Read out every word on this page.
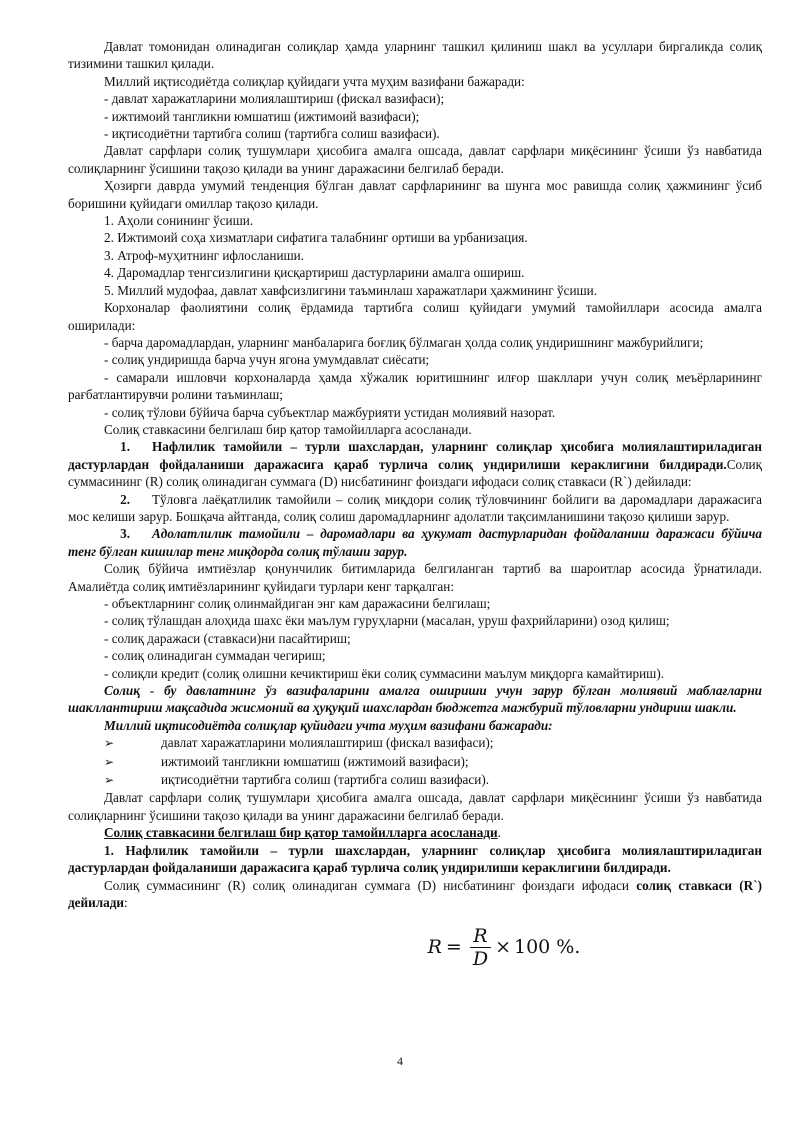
Давлат томонидан олинадиган солиқлар ҳамда уларнинг ташкил қилиниш шакл ва усуллари биргаликда солиқ тизимини ташкил қилади.

Миллий иқтисодиётда солиқлар қуйидаги учта муҳим вазифани бажаради:

- давлат харажатларини молиялаштириш (фискал вазифаси);

- ижтимоий тангликни юмшатиш (ижтимоий вазифаси);

- иқтисодиётни тартибга солиш (тартибга солиш вазифаси).

Давлат сарфлари солиқ тушумлари ҳисобига амалга ошсада, давлат сарфлари миқёсининг ўсиши ўз навбатида солиқларнинг ўсишини тақозо қилади ва унинг даражасини белгилаб беради.

Ҳозирги даврда умумий тенденция бўлган давлат сарфларининг ва шунга мос равишда солиқ ҳажмининг ўсиб боришини қуйидаги омиллар тақозо қилади.

1. Аҳоли сонининг ўсиши.

2. Ижтимоий соҳа хизматлари сифатига талабнинг ортиши ва урбанизация.

3. Атроф-муҳитнинг ифлосланиши.

4. Даромадлар тенгсизлигини қисқартириш дастурларини амалга ошириш.

5. Миллий мудофаа, давлат хавфсизлигини таъминлаш харажатлари ҳажмининг ўсиши.

Корхоналар фаолиятини солиқ ёрдамида тартибга солиш қуйидаги умумий тамойиллари асосида амалга оширилади:

- барча даромадлардан, уларнинг манбаларига боғлиқ бўлмаган ҳолда солиқ ундиришнинг мажбурийлиги;

- солиқ ундиришда барча учун ягона умумдавлат сиёсати;

- самарали ишловчи корхоналарда ҳамда хўжалик юритишнинг илғор шакллари учун солиқ меъёрларининг рағбатлантирувчи ролини таъминлаш;

- солиқ тўлови бўйича барча субъектлар мажбурияти устидан молиявий назорат.

Солиқ ставкасини белгилаш бир қатор тамойилларга асосланади.

1. Нафлилик тамойили – турли шахслардан, уларнинг солиқлар ҳисобига молиялаштириладиган дастурлардан фойдаланиши даражасига қараб турлича солиқ ундирилиши кераклигини билдиради.Солиқ суммасининг (R) солиқ олинадиган суммага (D) нисбатининг фоиздаги ифодаси солиқ ставкаси (R`) дейилади:

2. Тўловга лаёқатлилик тамойили – солиқ миқдори солиқ тўловчининг бойлиги ва даромадлари даражасига мос келиши зарур. Бошқача айтганда, солиқ солиш даромадларнинг адолатли тақсимланишини тақозо қилиши зарур.

3. Адолатлилик тамойили – даромадлари ва ҳукумат дастурларидан фойдаланиш даражаси бўйича тенг бўлган кишилар тенг миқдорда солиқ тўлаши зарур.

Солиқ бўйича имтиёзлар қонунчилик битимларида белгиланган тартиб ва шароитлар асосида ўрнатилади. Амалиётда солиқ имтиёзларининг қуйидаги турлари кенг тарқалган:

- объектларнинг солиқ олинмайдиган энг кам даражасини белгилаш;

- солиқ тўлашдан алоҳида шахс ёки маълум гуруҳларни (масалан, уруш фахрийларини) озод қилиш;

- солиқ даражаси (ставкаси)ни пасайтириш;

- солиқ олинадиган суммадан чегириш;

- солиқли кредит (солиқ олишни кечиктириш ёки солиқ суммасини маълум миқдорга камайтириш).

Солиқ - бу давлатнинг ўз вазифаларини амалга ошириши учун зарур бўлган молиявий маблағларни шакллантириш мақсадида жисмоний ва ҳуқуқий шахслардан бюджетга мажбурий тўловларни ундириш шакли.

Миллий иқтисодиётда солиқлар қуйидаги учта муҳим вазифани бажаради:

➢	давлат харажатларини молиялаштириш (фискал вазифаси);
➢	ижтимоий тангликни юмшатиш (ижтимоий вазифаси);
➢	иқтисодиётни тартибга солиш (тартибга солиш вазифаси).

Давлат сарфлари солиқ тушумлари ҳисобига амалга ошсада, давлат сарфлари миқёсининг ўсиши ўз навбатида солиқларнинг ўсишини тақозо қилади ва унинг даражасини белгилаб беради.

Солиқ ставкасини белгилаш бир қатор тамойилларга асосланади.

1. Нафлилик тамойили – турли шахслардан, уларнинг солиқлар ҳисобига молиялаштириладиган дастурлардан фойдаланиши даражасига қараб турлича солиқ ундирилиши кераклигини билдиради.

Солиқ суммасининг (R) солиқ олинадиган суммага (D) нисбатининг фоиздаги ифодаси солиқ ставкаси (R`) дейилади:

$R = \frac{R}{D} \times 100$ %.
4
